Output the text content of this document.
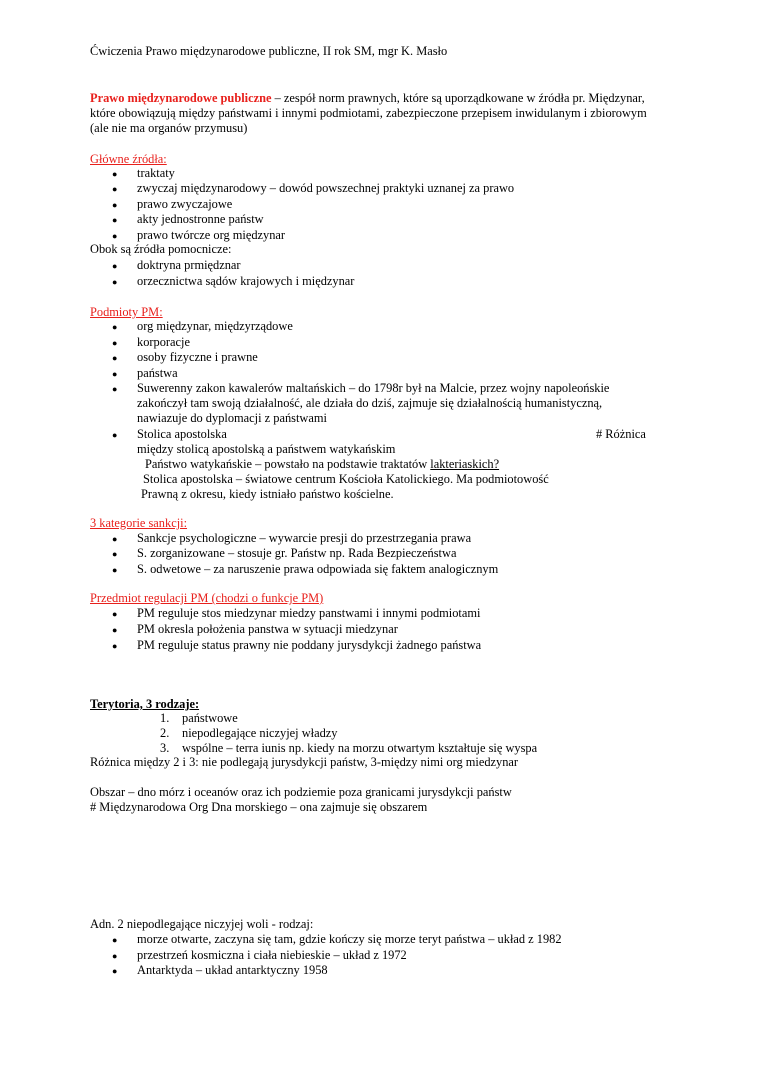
Ćwiczenia Prawo międzynarodowe publiczne, II rok SM, mgr K. Masło
Prawo międzynarodowe publiczne – zespół norm prawnych, które są uporządkowane w źródła pr. Międzynar,
które obowiązują między państwami i innymi podmiotami, zabezpieczone przepisem inwidulanym i zbiorowym
(ale nie ma organów przymusu)
Główne źródła:
●	traktaty
●	zwyczaj międzynarodowy – dowód powszechnej praktyki uznanej za prawo
●	prawo zwyczajowe
●	akty jednostronne państw
●	prawo twórcze org międzynar
Obok są źródła pomocnicze:
●	doktryna prmiędznar
●	orzecznictwa sądów krajowych i międzynar
Podmioty PM:
●	org międzynar, międzyrządowe
●	korporacje
●	osoby fizyczne i prawne
●	państwa
●	Suwerenny zakon kawalerów maltańskich – do 1798r był na Malcie, przez wojny napoleońskie
zakończył tam swoją działalność, ale działa do dziś, zajmuje się działalnością humanistyczną,
nawiazuje do dyplomacji z państwami
●	Stolica apostolska	# Różnica
między stolicą apostolską a państwem watykańskim
Państwo watykańskie – powstało na podstawie traktatów lakteriaskich?
Stolica apostolska – światowe centrum Kościoła Katolickiego. Ma podmiotowość
Prawną z okresu, kiedy istniało państwo kościelne.
3 kategorie sankcji:
●	Sankcje psychologiczne – wywarcie presji do przestrzegania prawa
●	S. zorganizowane – stosuje gr. Państw np. Rada Bezpieczeństwa
●	S. odwetowe – za naruszenie prawa odpowiada się faktem analogicznym
Przedmiot regulacji PM (chodzi o funkcje PM)
●	PM reguluje stos miedzynar miedzy panstwami i innymi podmiotami
●	PM okresla położenia panstwa w sytuacji miedzynar
●	PM reguluje status prawny nie poddany jurysdykcji żadnego państwa
Terytoria, 3 rodzaje:
1. państwowe
2. niepodlegające niczyjej władzy
3. wspólne – terra iunis np. kiedy na morzu otwartym kształtuje się wyspa
Różnica między 2 i 3: nie podlegają jurysdykcji państw, 3-między nimi org miedzynar
Obszar – dno mórz i oceanów oraz ich podziemie poza granicami jurysdykcji państw
# Międzynarodowa Org Dna morskiego – ona zajmuje się obszarem
Adn. 2 niepodlegające niczyjej woli - rodzaj:
●	morze otwarte, zaczyna się tam, gdzie kończy się morze teryt państwa – układ z 1982
●	przestrzeń kosmiczna i ciała niebieskie – układ z 1972
●	Antarktyda – układ antarktyczny 1958
